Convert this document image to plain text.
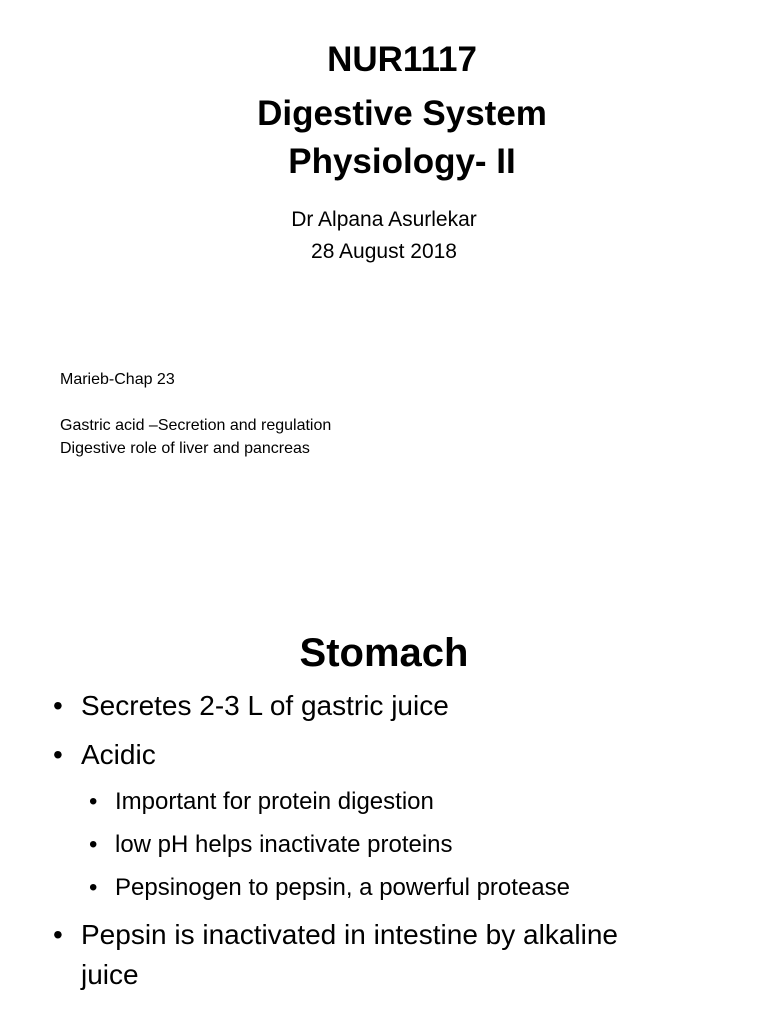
NUR1117
Digestive System
Physiology- II
Dr Alpana Asurlekar
28 August 2018
Marieb-Chap 23
Gastric acid –Secretion and regulation
Digestive role of liver and pancreas
Stomach
• Secretes 2-3 L of gastric juice
• Acidic
• Important for protein digestion
• low pH helps inactivate proteins
• Pepsinogen to pepsin, a powerful protease
• Pepsin is inactivated in intestine by alkaline juice
